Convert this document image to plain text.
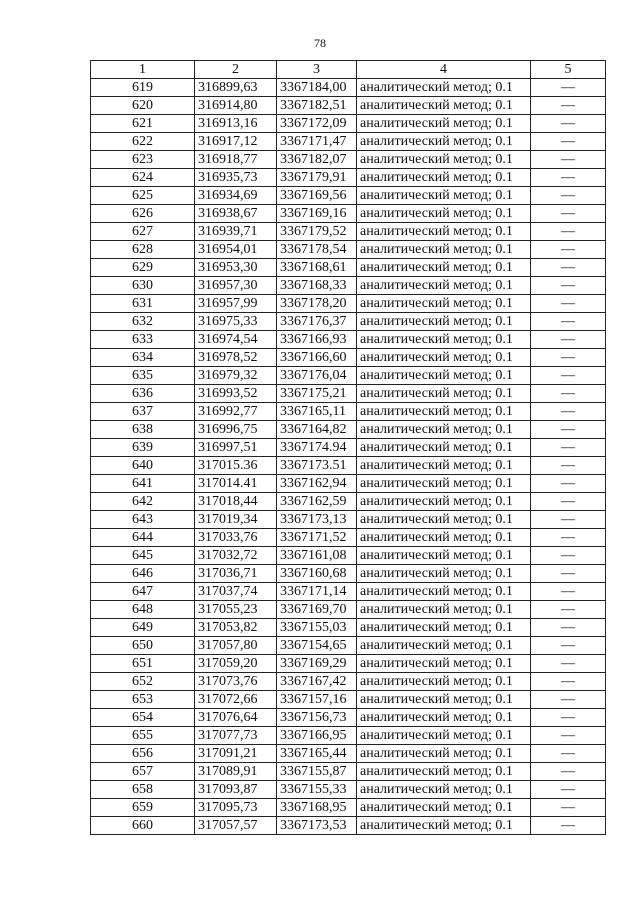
78
1	2	3	4	5
619	316899,63	3367184,00	аналитический метод; 0.1	—
620	316914,80	3367182,51	аналитический метод; 0.1	—
621	316913,16	3367172,09	аналитический метод; 0.1	—
622	316917,12	3367171,47	аналитический метод; 0.1	—
623	316918,77	3367182,07	аналитический метод; 0.1	—
624	316935,73	3367179,91	аналитический метод; 0.1	—
625	316934,69	3367169,56	аналитический метод; 0.1	—
626	316938,67	3367169,16	аналитический метод; 0.1	—
627	316939,71	3367179,52	аналитический метод; 0.1	—
628	316954,01	3367178,54	аналитический метод; 0.1	—
629	316953,30	3367168,61	аналитический метод; 0.1	—
630	316957,30	3367168,33	аналитический метод; 0.1	—
631	316957,99	3367178,20	аналитический метод; 0.1	—
632	316975,33	3367176,37	аналитический метод; 0.1	—
633	316974,54	3367166,93	аналитический метод; 0.1	—
634	316978,52	3367166,60	аналитический метод; 0.1	—
635	316979,32	3367176,04	аналитический метод; 0.1	—
636	316993,52	3367175,21	аналитический метод; 0.1	—
637	316992,77	3367165,11	аналитический метод; 0.1	—
638	316996,75	3367164,82	аналитический метод; 0.1	—
639	316997,51	3367174.94	аналитический метод; 0.1	—
640	317015.36	3367173.51	аналитический метод; 0.1	—
641	317014.41	3367162,94	аналитический метод; 0.1	—
642	317018,44	3367162,59	аналитический метод; 0.1	—
643	317019,34	3367173,13	аналитический метод; 0.1	—
644	317033,76	3367171,52	аналитический метод; 0.1	—
645	317032,72	3367161,08	аналитический метод; 0.1	—
646	317036,71	3367160,68	аналитический метод; 0.1	—
647	317037,74	3367171,14	аналитический метод; 0.1	—
648	317055,23	3367169,70	аналитический метод; 0.1	—
649	317053,82	3367155,03	аналитический метод; 0.1	—
650	317057,80	3367154,65	аналитический метод; 0.1	—
651	317059,20	3367169,29	аналитический метод; 0.1	—
652	317073,76	3367167,42	аналитический метод; 0.1	—
653	317072,66	3367157,16	аналитический метод; 0.1	—
654	317076,64	3367156,73	аналитический метод; 0.1	—
655	317077,73	3367166,95	аналитический метод; 0.1	—
656	317091,21	3367165,44	аналитический метод; 0.1	—
657	317089,91	3367155,87	аналитический метод; 0.1	—
658	317093,87	3367155,33	аналитический метод; 0.1	—
659	317095,73	3367168,95	аналитический метод; 0.1	—
660	317057,57	3367173,53	аналитический метод; 0.1	—
